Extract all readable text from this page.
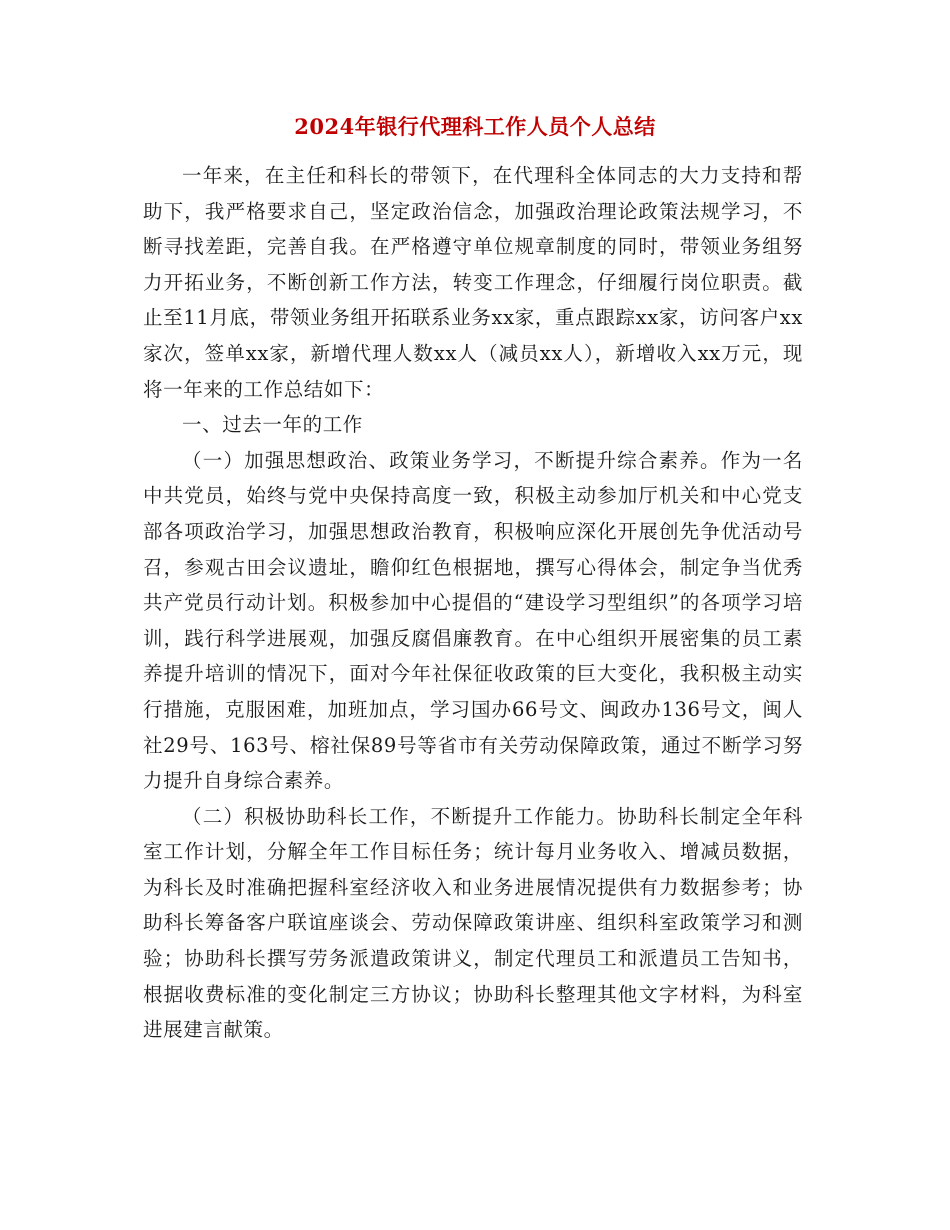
2024年银行代理科工作人员个人总结

一年来，在主任和科长的带领下，在代理科全体同志的大力支持和帮助下，我严格要求自己，坚定政治信念，加强政治理论政策法规学习，不断寻找差距，完善自我。在严格遵守单位规章制度的同时，带领业务组努力开拓业务，不断创新工作方法，转变工作理念，仔细履行岗位职责。截止至11月底，带领业务组开拓联系业务xx家，重点跟踪xx家，访问客户xx家次，签单xx家，新增代理人数xx人（减员xx人），新增收入xx万元，现将一年来的工作总结如下：

一、过去一年的工作

（一）加强思想政治、政策业务学习，不断提升综合素养。作为一名中共党员，始终与党中央保持高度一致，积极主动参加厅机关和中心党支部各项政治学习，加强思想政治教育，积极响应深化开展创先争优活动号召，参观古田会议遗址，瞻仰红色根据地，撰写心得体会，制定争当优秀共产党员行动计划。积极参加中心提倡的“建设学习型组织”的各项学习培训，践行科学进展观，加强反腐倡廉教育。在中心组织开展密集的员工素养提升培训的情况下，面对今年社保征收政策的巨大变化，我积极主动实行措施，克服困难，加班加点，学习国办66号文、闽政办136号文，闽人社29号、163号、榕社保89号等省市有关劳动保障政策，通过不断学习努力提升自身综合素养。

（二）积极协助科长工作，不断提升工作能力。协助科长制定全年科室工作计划，分解全年工作目标任务；统计每月业务收入、增减员数据，为科长及时准确把握科室经济收入和业务进展情况提供有力数据参考；协助科长筹备客户联谊座谈会、劳动保障政策讲座、组织科室政策学习和测验；协助科长撰写劳务派遣政策讲义，制定代理员工和派遣员工告知书，根据收费标准的变化制定三方协议；协助科长整理其他文字材料，为科室进展建言献策。
